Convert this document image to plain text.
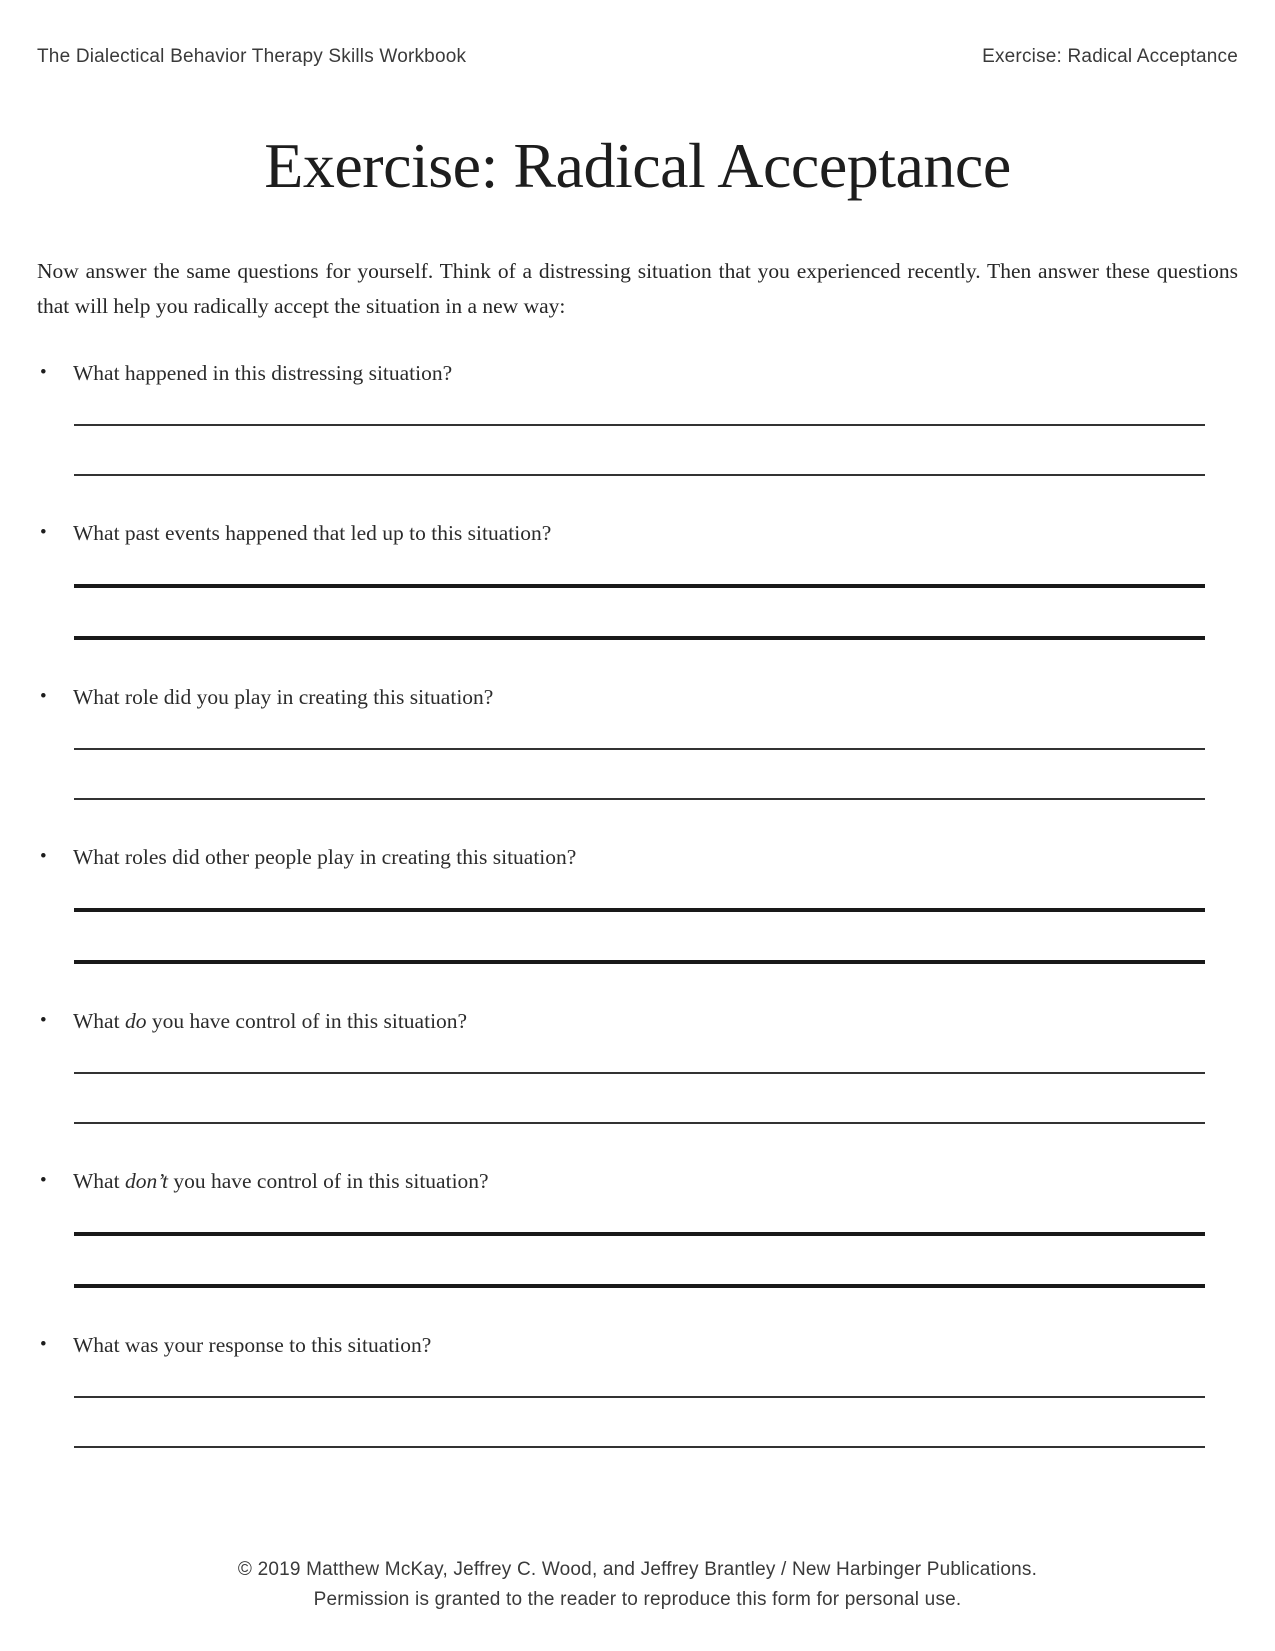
The Dialectical Behavior Therapy Skills Workbook	Exercise: Radical Acceptance
Exercise: Radical Acceptance

Now answer the same questions for yourself. Think of a distressing situation that you experienced recently. Then answer these questions that will help you radically accept the situation in a new way:

•	What happened in this distressing situation?
•	What past events happened that led up to this situation?
•	What role did you play in creating this situation?
•	What roles did other people play in creating this situation?
•	What do you have control of in this situation?
•	What don’t you have control of in this situation?
•	What was your response to this situation?
© 2019 Matthew McKay, Jeffrey C. Wood, and Jeffrey Brantley / New Harbinger Publications.
Permission is granted to the reader to reproduce this form for personal use.
